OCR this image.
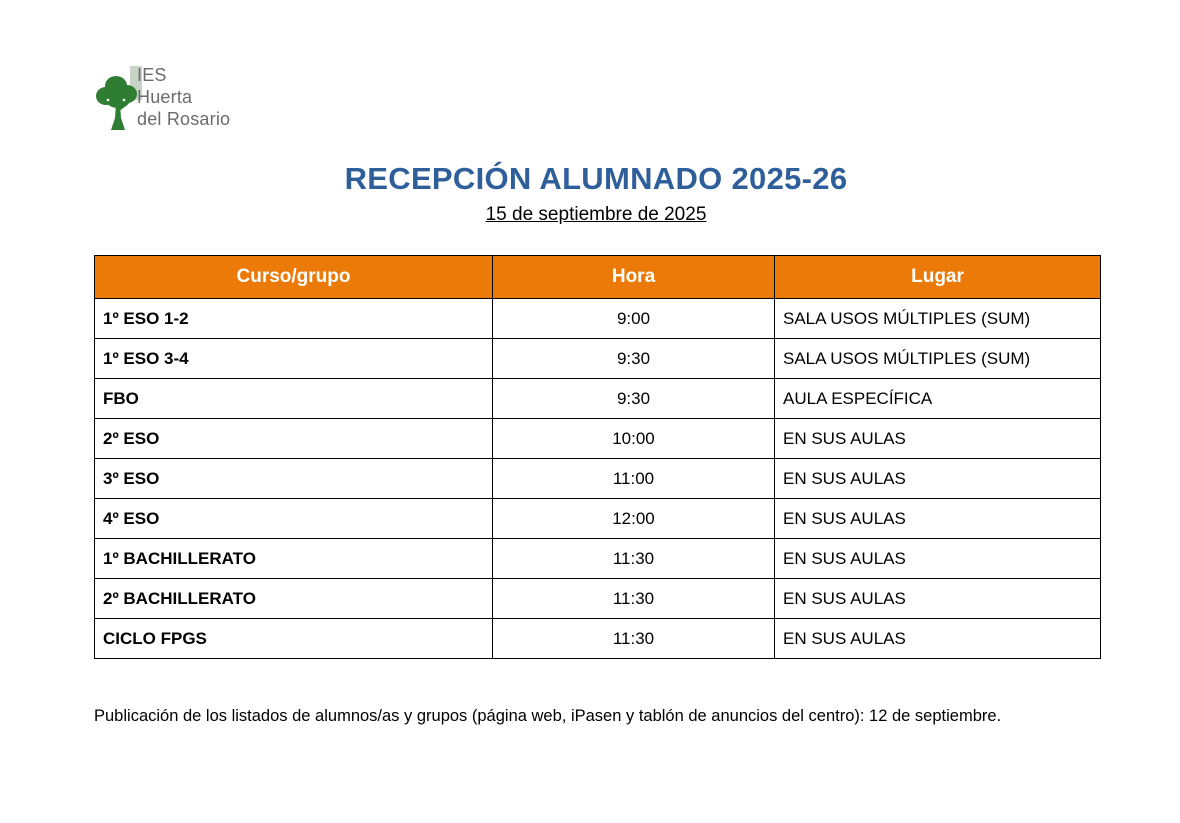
IES
Huerta
del Rosario
RECEPCIÓN ALUMNADO 2025-26
15 de septiembre de 2025
Curso/grupo	Hora	Lugar
1º ESO 1-2	9:00	SALA USOS MÚLTIPLES (SUM)
1º ESO 3-4	9:30	SALA USOS MÚLTIPLES (SUM)
FBO	9:30	AULA ESPECÍFICA
2º ESO	10:00	EN SUS AULAS
3º ESO	11:00	EN SUS AULAS
4º ESO	12:00	EN SUS AULAS
1º BACHILLERATO	11:30	EN SUS AULAS
2º BACHILLERATO	11:30	EN SUS AULAS
CICLO FPGS	11:30	EN SUS AULAS
Publicación de los listados de alumnos/as y grupos (página web, iPasen y tablón de anuncios del centro): 12 de septiembre.
